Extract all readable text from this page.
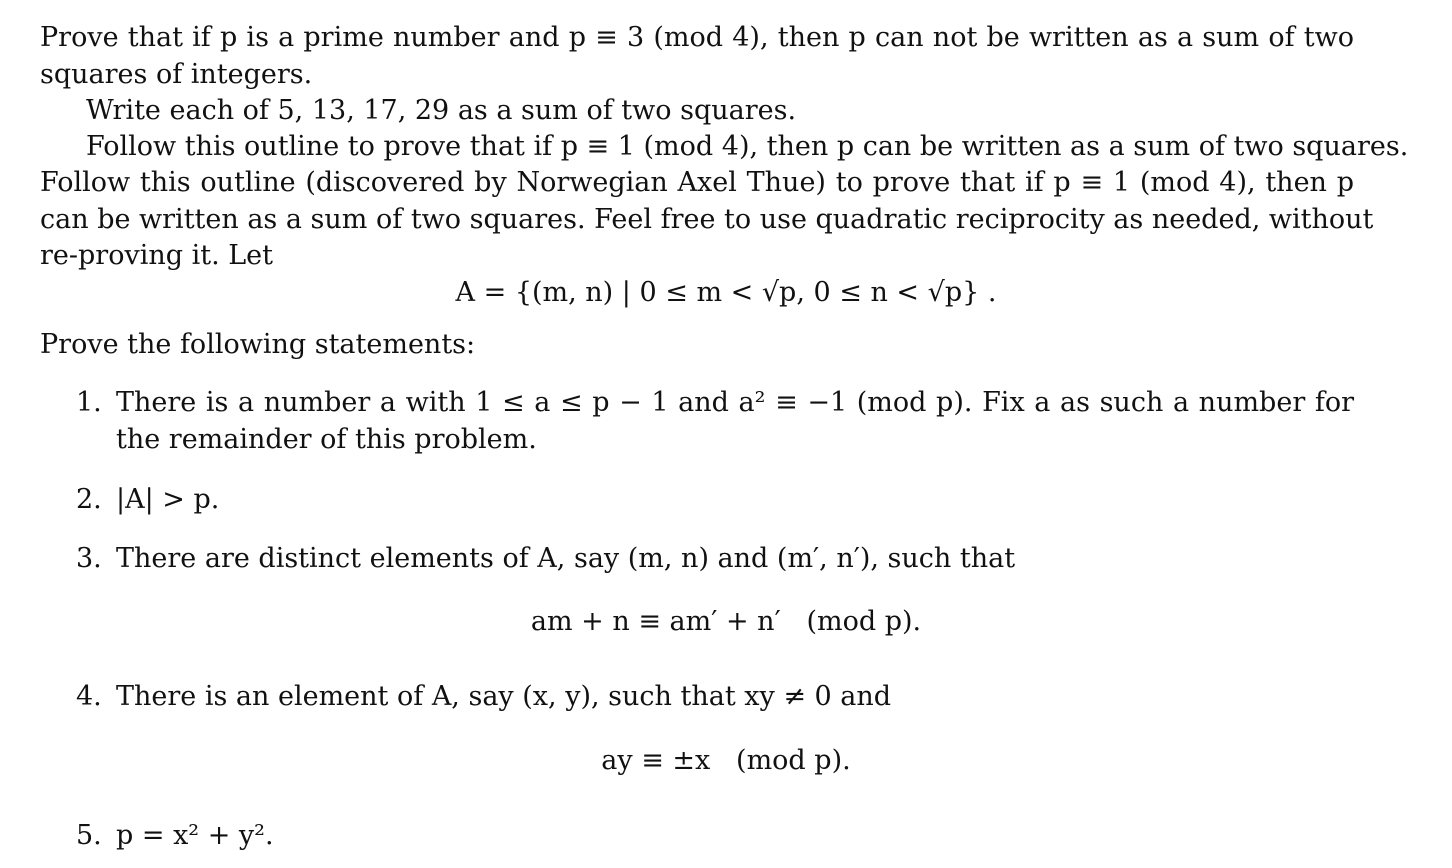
Prove that if p is a prime number and p ≡ 3 (mod 4), then p can not be written as a sum of two
squares of integers.
Write each of 5, 13, 17, 29 as a sum of two squares.
Follow this outline to prove that if p ≡ 1 (mod 4), then p can be written as a sum of two squares.
Follow this outline (discovered by Norwegian Axel Thue) to prove that if p ≡ 1 (mod 4), then p
can be written as a sum of two squares. Feel free to use quadratic reciprocity as needed, without
re-proving it. Let
A = {(m, n) | 0 ≤ m < √p, 0 ≤ n < √p} .
Prove the following statements:
1. There is a number a with 1 ≤ a ≤ p − 1 and a² ≡ −1 (mod p). Fix a as such a number for
the remainder of this problem.
2. |A| > p.
3. There are distinct elements of A, say (m, n) and (m′, n′), such that
am + n ≡ am′ + n′   (mod p).
4. There is an element of A, say (x, y), such that xy ≠ 0 and
ay ≡ ±x   (mod p).
5. p = x² + y².
